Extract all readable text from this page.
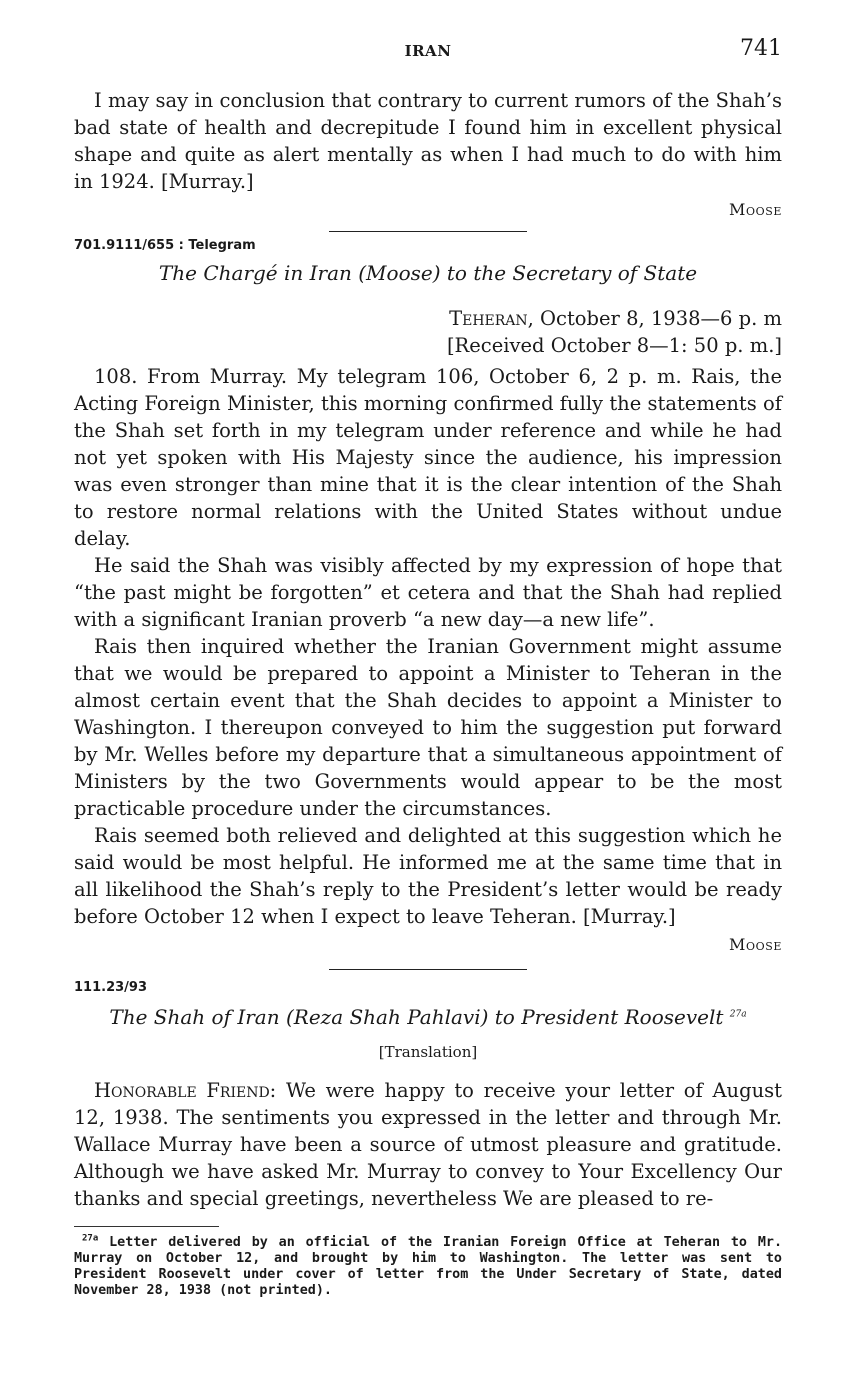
IRAN	741

I may say in conclusion that contrary to current rumors of the Shah’s bad state of health and decrepitude I found him in excellent physical shape and quite as alert mentally as when I had much to do with him in 1924. [Murray.]

Moose
701.9111/655 : Telegram
The Chargé in Iran (Moose) to the Secretary of State
Teheran, October 8, 1938—6 p. m
[Received October 8—1: 50 p. m.]

108. From Murray. My telegram 106, October 6, 2 p. m. Rais, the Acting Foreign Minister, this morning confirmed fully the statements of the Shah set forth in my telegram under reference and while he had not yet spoken with His Majesty since the audience, his impression was even stronger than mine that it is the clear intention of the Shah to restore normal relations with the United States without undue delay.

He said the Shah was visibly affected by my expression of hope that “the past might be forgotten” et cetera and that the Shah had replied with a significant Iranian proverb “a new day—a new life”.

Rais then inquired whether the Iranian Government might assume that we would be prepared to appoint a Minister to Teheran in the almost certain event that the Shah decides to appoint a Minister to Washington. I thereupon conveyed to him the suggestion put forward by Mr. Welles before my departure that a simultaneous appointment of Ministers by the two Governments would appear to be the most practicable procedure under the circumstances.

Rais seemed both relieved and delighted at this suggestion which he said would be most helpful. He informed me at the same time that in all likelihood the Shah’s reply to the President’s letter would be ready before October 12 when I expect to leave Teheran. [Murray.]

Moose
111.23/93
The Shah of Iran (Reza Shah Pahlavi) to President Roosevelt $^{27a}$
[Translation]

Honorable Friend: We were happy to receive your letter of August 12, 1938. The sentiments you expressed in the letter and through Mr. Wallace Murray have been a source of utmost pleasure and gratitude. Although we have asked Mr. Murray to convey to Your Excellency Our thanks and special greetings, nevertheless We are pleased to re-

$^{27a}$ Letter delivered by an official of the Iranian Foreign Office at Teheran to Mr. Murray on October 12, and brought by him to Washington. The letter was sent to President Roosevelt under cover of letter from the Under Secretary of State, dated November 28, 1938 (not printed).
